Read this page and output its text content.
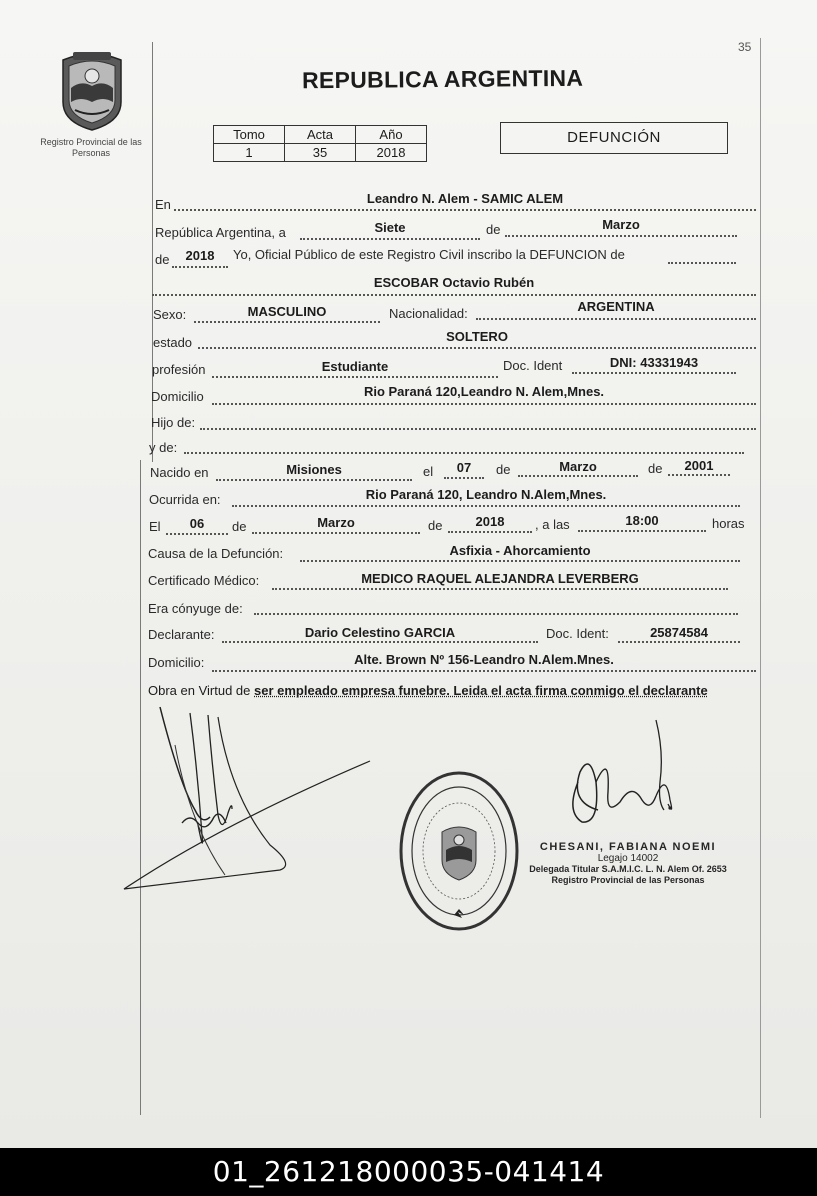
35
Registro Provincial de las Personas
REPUBLICA ARGENTINA
Tomo	Acta	Año
1	35	2018
DEFUNCIÓN
En	Leandro N. Alem - SAMIC ALEM
República Argentina, a	Siete	de	Marzo
de	2018	Yo, Oficial Público de este Registro Civil inscribo la DEFUNCION de
ESCOBAR Octavio Rubén
Sexo:	MASCULINO	Nacionalidad:	ARGENTINA
estado	SOLTERO
profesión	Estudiante	Doc. Ident	DNI: 43331943
Domicilio	Rio Paraná 120,Leandro N. Alem,Mnes.
Hijo de:
y de:
Nacido en	Misiones	el	07	de	Marzo	de	2001
Ocurrida en:	Rio Paraná 120, Leandro N.Alem,Mnes.
El	06	de	Marzo	de	2018	, a las	18:00	horas
Causa de la Defunción:	Asfixia - Ahorcamiento
Certificado Médico:	MEDICO RAQUEL ALEJANDRA LEVERBERG
Era cónyuge de:
Declarante:	Dario Celestino GARCIA	Doc. Ident:	25874584
Domicilio:	Alte. Brown Nº 156-Leandro N.Alem.Mnes.
Obra en Virtud de ser empleado empresa funebre. Leida el acta firma conmigo el declarante
CHESANI, FABIANA NOEMI
Legajo 14002
Delegada Titular S.A.M.I.C. L. N. Alem Of. 2653
Registro Provincial de las Personas
01_261218000035-041414
